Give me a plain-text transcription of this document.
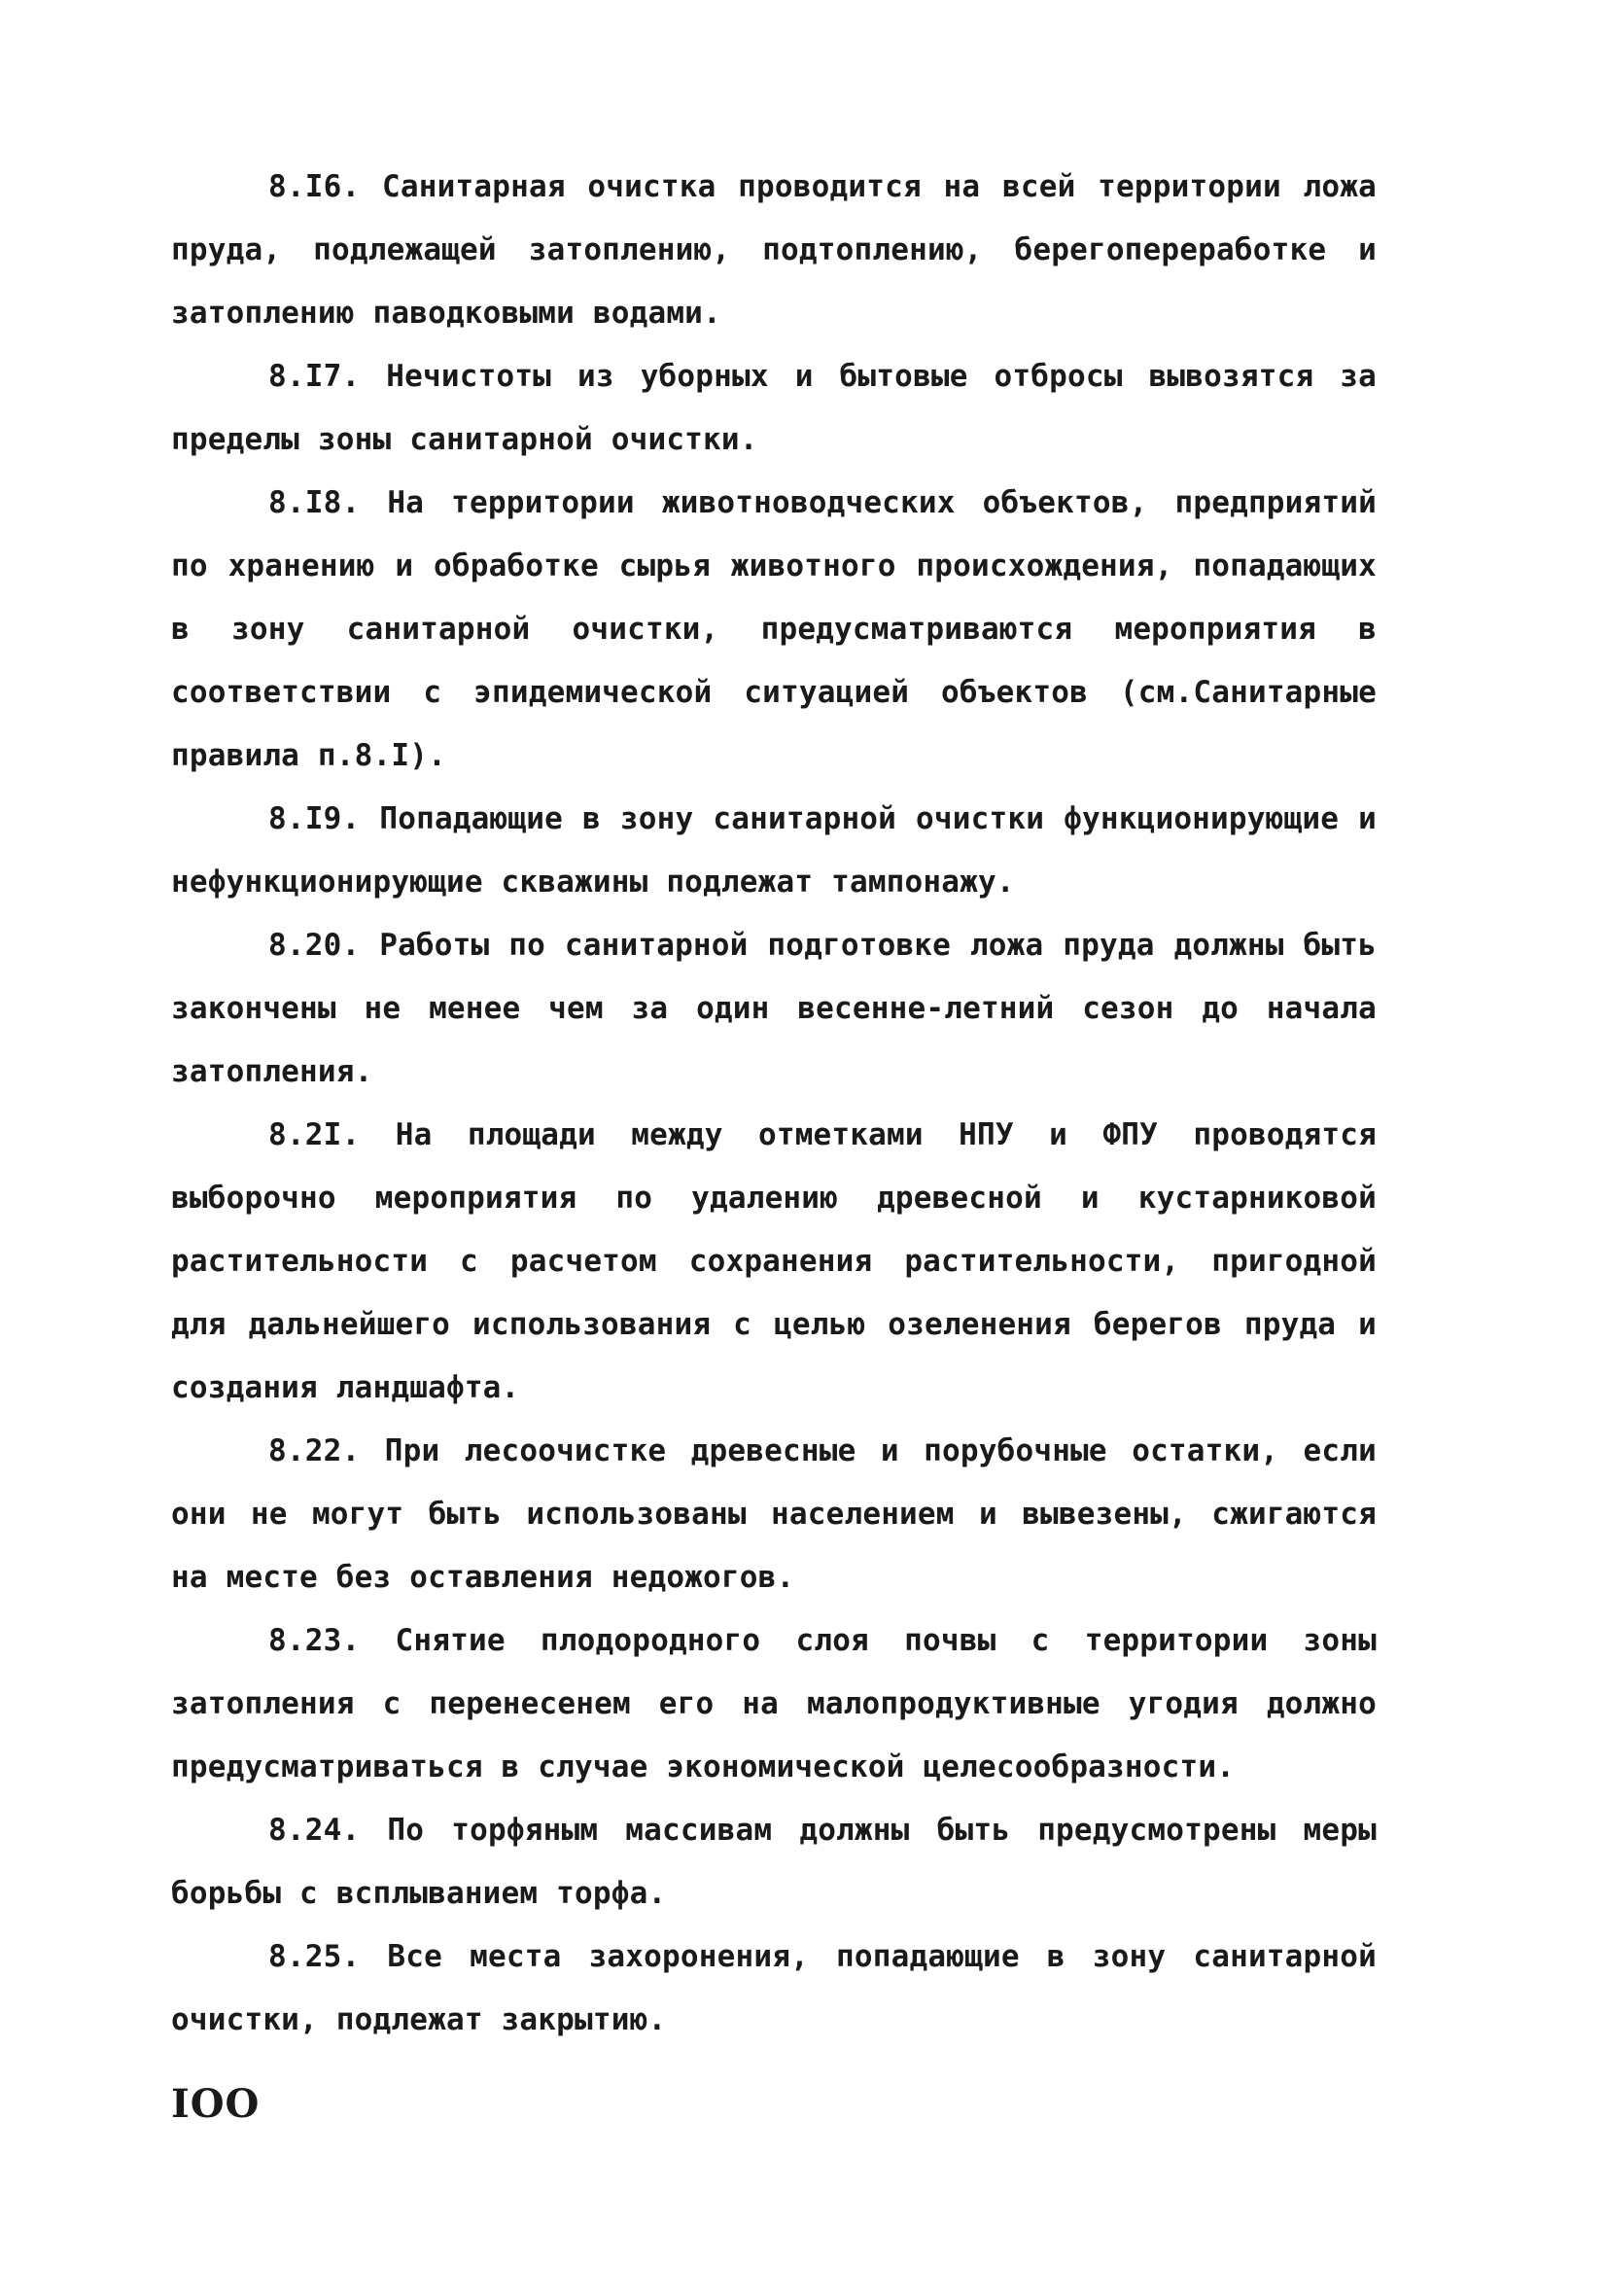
8.I6. Санитарная очистка проводится на всей территории ложа пруда, подлежащей затоплению, подтоплению, берегопереработке и затоплению паводковыми водами.

8.I7. Нечистоты из уборных и бытовые отбросы вывозятся за пределы зоны санитарной очистки.

8.I8. На территории животноводческих объектов, предприятий по хранению и обработке сырья животного происхождения, попадающих в зону санитарной очистки, предусматриваются мероприятия в соответствии с эпидемической ситуацией объектов (см.Санитарные правила п.8.I).

8.I9. Попадающие в зону санитарной очистки функционирующие и нефункционирующие скважины подлежат тампонажу.

8.20. Работы по санитарной подготовке ложа пруда должны быть закончены не менее чем за один весенне-летний сезон до начала затопления.

8.2I. На площади между отметками НПУ и ФПУ проводятся выборочно мероприятия по удалению древесной и кустарниковой растительности с расчетом сохранения растительности, пригодной для дальнейшего использования с целью озеленения берегов пруда и создания ландшафта.

8.22. При лесоочистке древесные и порубочные остатки, если они не могут быть использованы населением и вывезены, сжигаются на месте без оставления недожогов.

8.23. Снятие плодородного слоя почвы с территории зоны затопления с перенесенем его на малопродуктивные угодия должно предусматриваться в случае экономической целесообразности.

8.24. По торфяным массивам должны быть предусмотрены меры борьбы с всплыванием торфа.

8.25. Все места захоронения, попадающие в зону санитарной очистки, подлежат закрытию.

IOO
